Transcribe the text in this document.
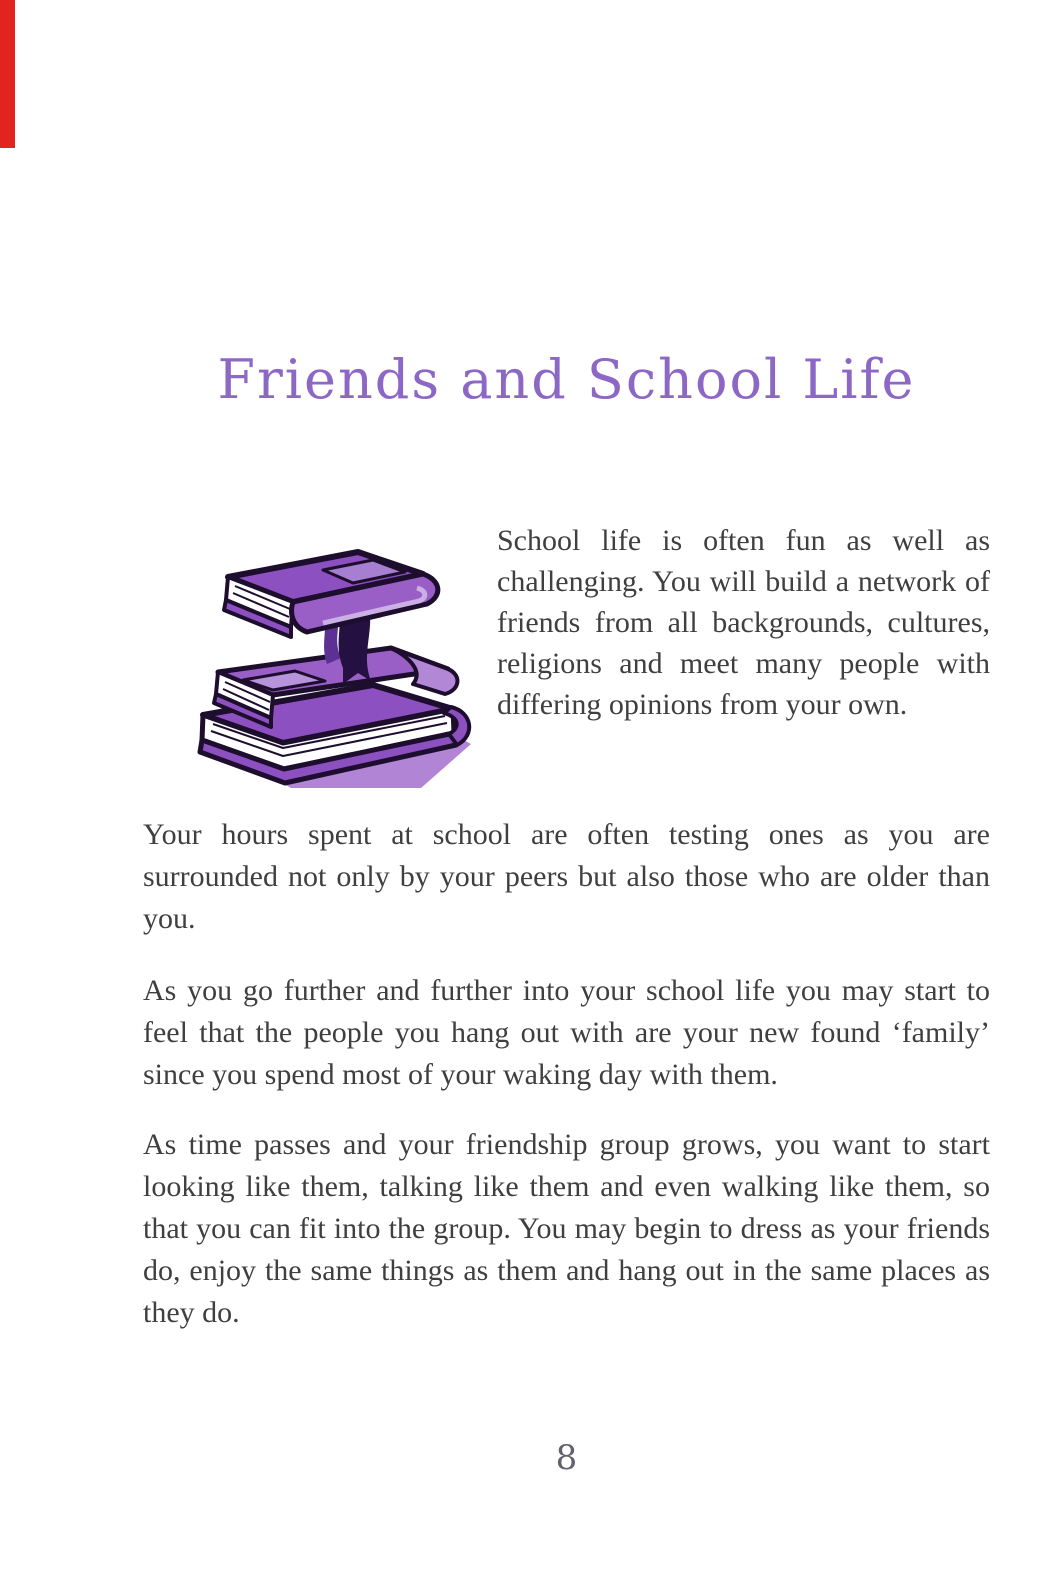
Friends and School Life

School life is often fun as well as challenging. You will build a network of friends from all backgrounds, cultures, religions and meet many people with differing opinions from your own.

Your hours spent at school are often testing ones as you are surrounded not only by your peers but also those who are older than you.

As you go further and further into your school life you may start to feel that the people you hang out with are your new found ‘family’ since you spend most of your waking day with them.

As time passes and your friendship group grows, you want to start looking like them, talking like them and even walking like them, so that you can fit into the group. You may begin to dress as your friends do, enjoy the same things as them and hang out in the same places as they do.

8
